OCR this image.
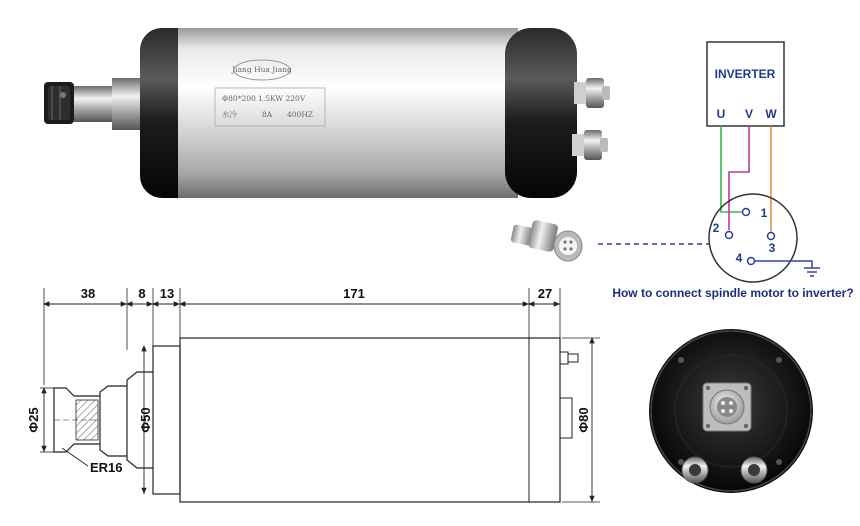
Jiang Hua Jiang
Φ80*200 1.5KW 220V
水冷	8A 400HZ
INVERTER
U V W
1
2
3
4
How to connect spindle motor to inverter?
38	8 13	171	27
Φ25	Φ50	Φ80
ER16
